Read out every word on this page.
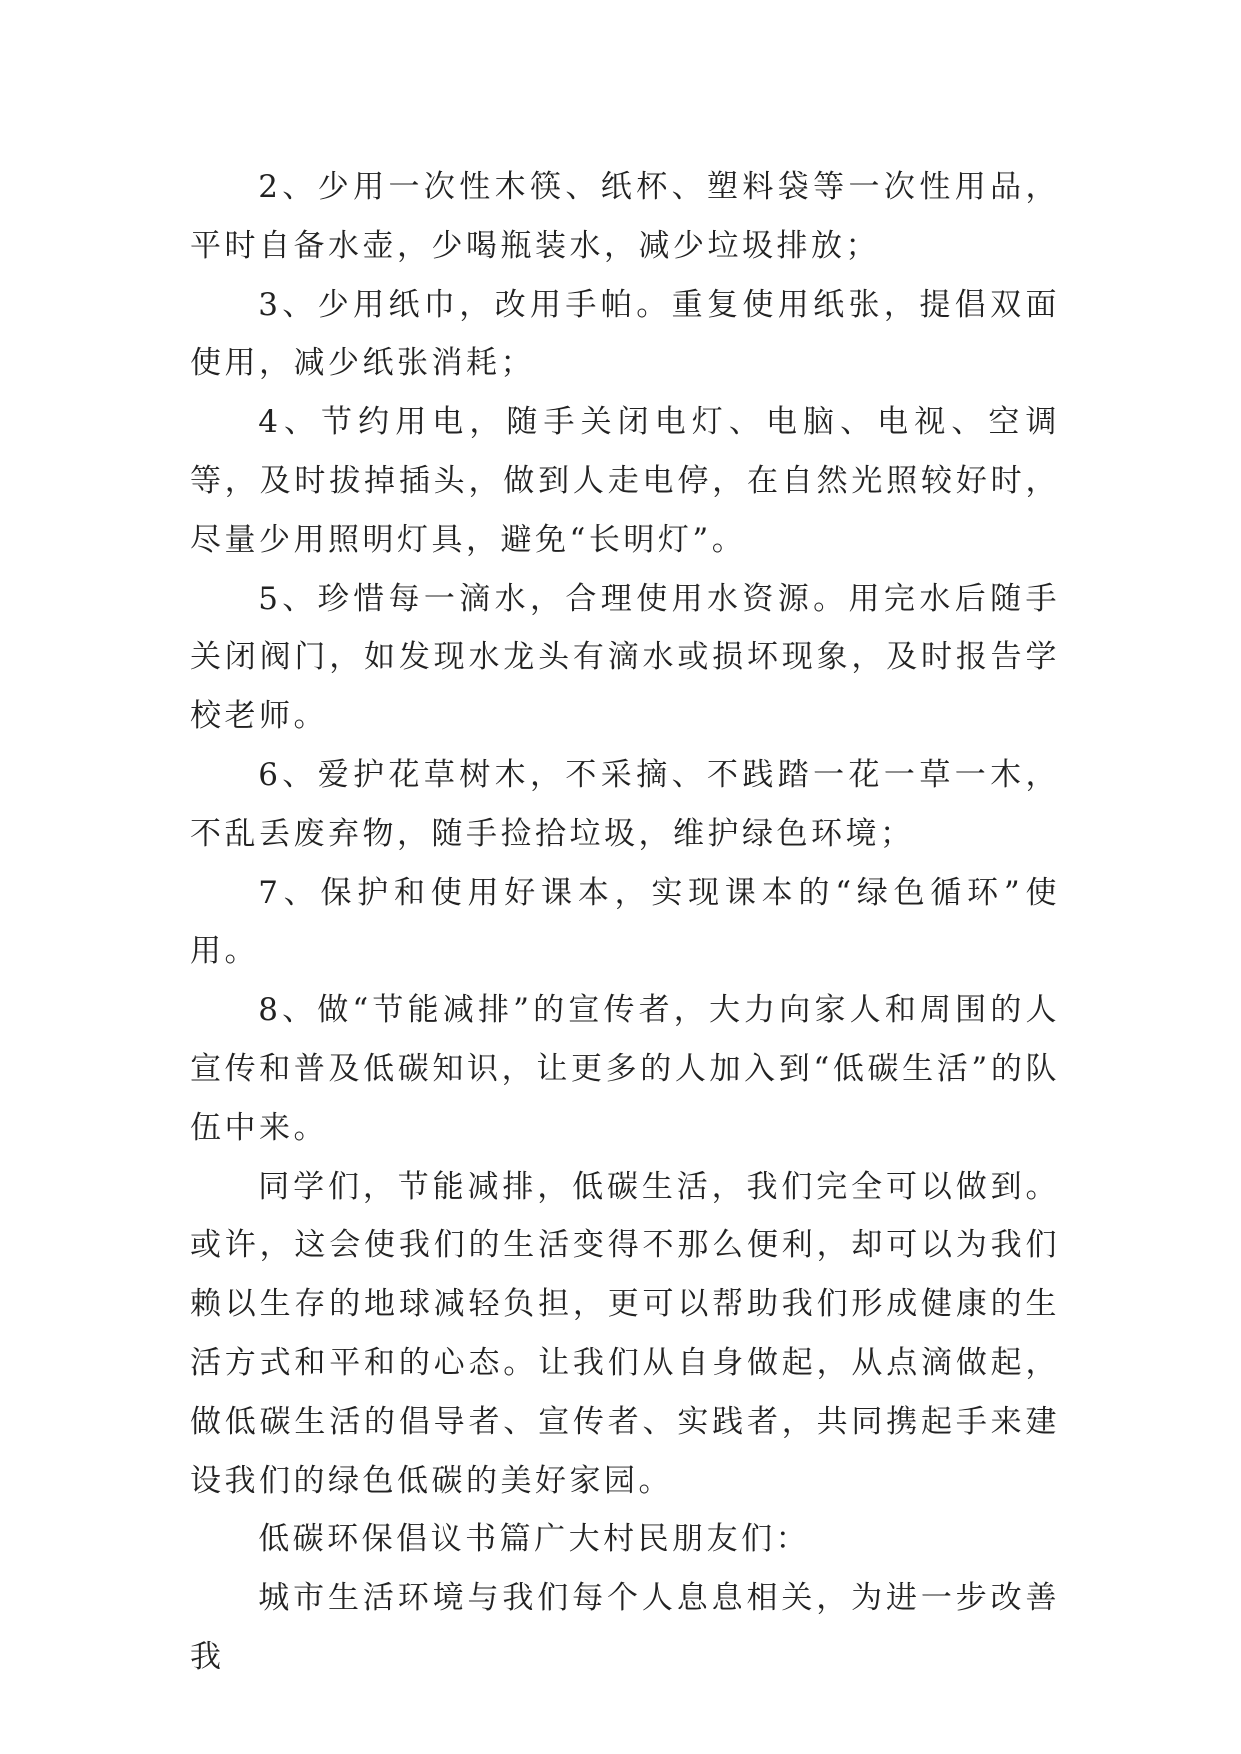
2、少用一次性木筷、纸杯、塑料袋等一次性用品，平时自备水壶，少喝瓶装水，减少垃圾排放；

3、少用纸巾，改用手帕。重复使用纸张，提倡双面使用，减少纸张消耗；

4、节约用电，随手关闭电灯、电脑、电视、空调等，及时拔掉插头，做到人走电停，在自然光照较好时，尽量少用照明灯具，避免“长明灯”。

5、珍惜每一滴水，合理使用水资源。用完水后随手关闭阀门，如发现水龙头有滴水或损坏现象，及时报告学校老师。

6、爱护花草树木，不采摘、不践踏一花一草一木，不乱丢废弃物，随手捡拾垃圾，维护绿色环境；

7、保护和使用好课本，实现课本的“绿色循环”使用。

8、做“节能减排”的宣传者，大力向家人和周围的人宣传和普及低碳知识，让更多的人加入到“低碳生活”的队伍中来。

同学们，节能减排，低碳生活，我们完全可以做到。或许，这会使我们的生活变得不那么便利，却可以为我们赖以生存的地球减轻负担，更可以帮助我们形成健康的生活方式和平和的心态。让我们从自身做起，从点滴做起，做低碳生活的倡导者、宣传者、实践者，共同携起手来建设我们的绿色低碳的美好家园。

低碳环保倡议书篇广大村民朋友们：

城市生活环境与我们每个人息息相关，为进一步改善我
